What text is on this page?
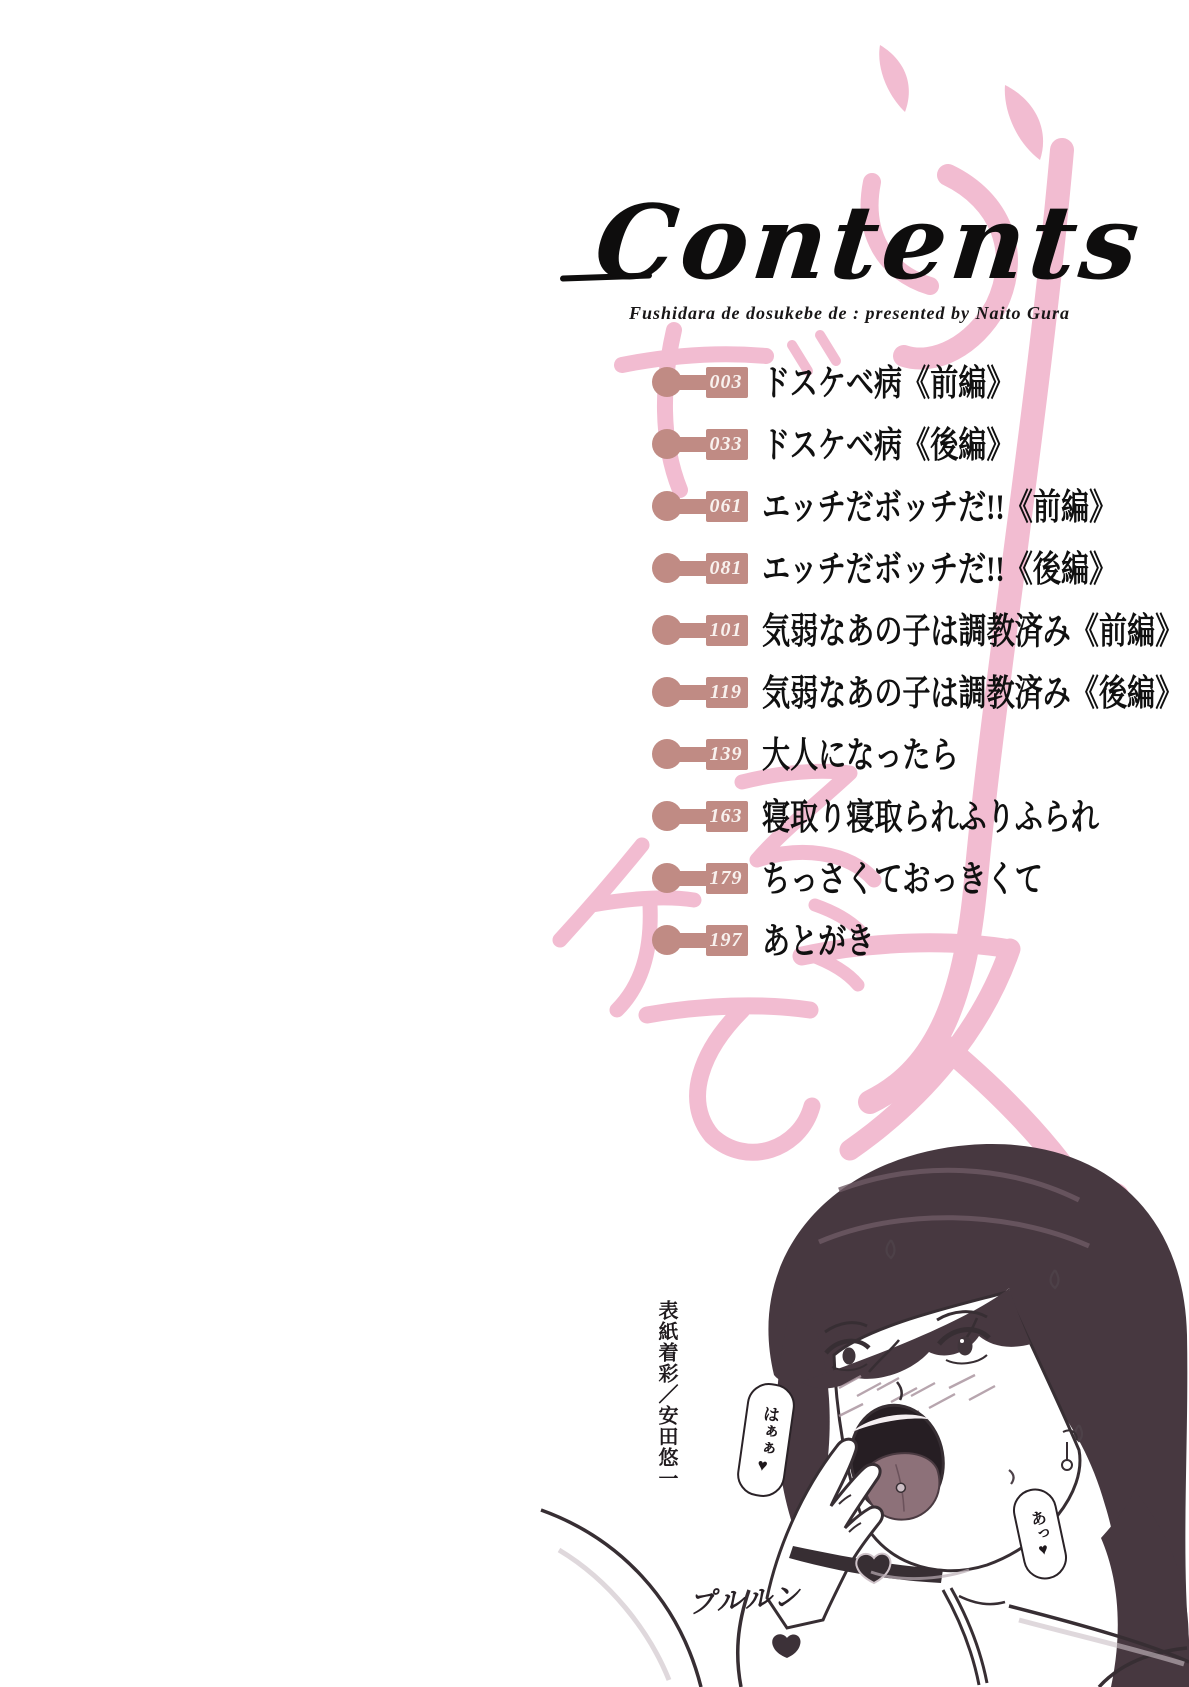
Contents
Fushidara de dosukebe de : presented by Naito Gura
003 ドスケベ病《前編》
033 ドスケベ病《後編》
061 エッチだボッチだ!!《前編》
081 エッチだボッチだ!!《後編》
101 気弱なあの子は調教済み《前編》
119 気弱なあの子は調教済み《後編》
139 大人になったら
163 寝取り寝取られふりふられ
179 ちっさくておっきくて
197 あとがき
表紙着彩／安田悠一	はぁぁ♥
あっ♥
プルルン
